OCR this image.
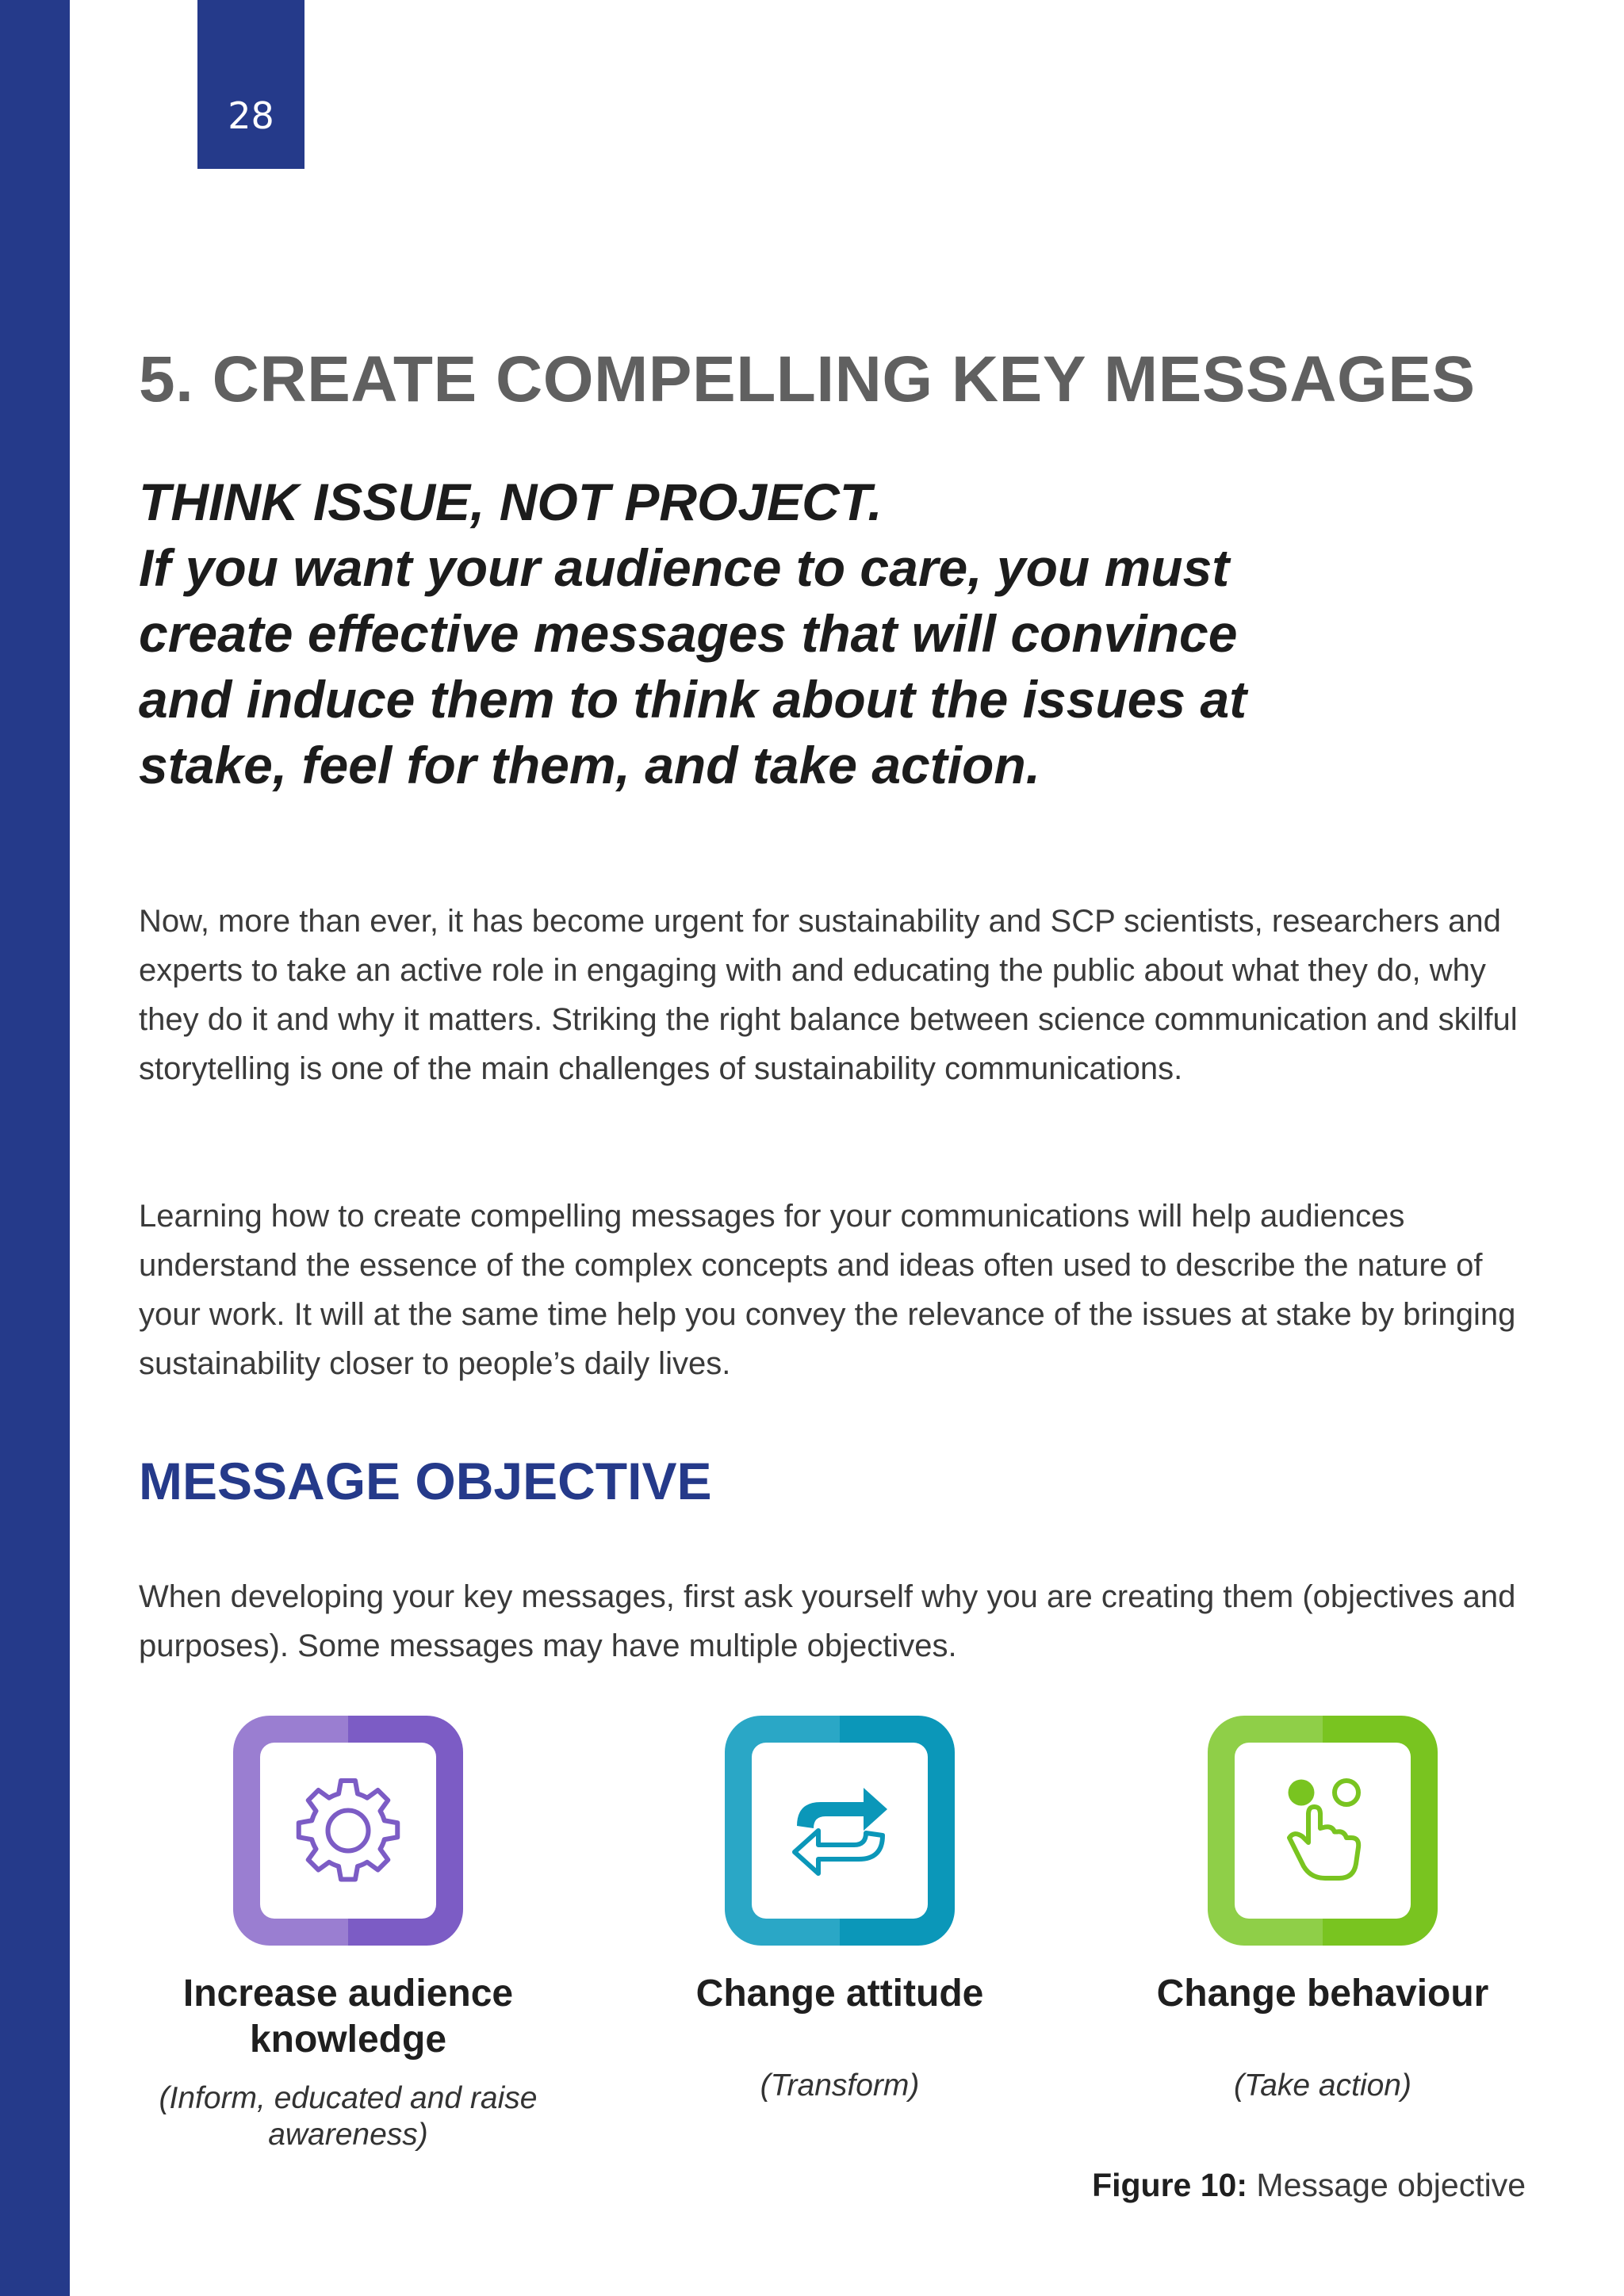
28
5. CREATE COMPELLING KEY MESSAGES
THINK ISSUE, NOT PROJECT.
If you want your audience to care, you must
create effective messages that will convince
and induce them to think about the issues at
stake, feel for them, and take action.

Now, more than ever, it has become urgent for sustainability and SCP scientists, researchers and experts to take an active role in engaging with and educating the public about what they do, why they do it and why it matters. Striking the right balance between science communication and skilful storytelling is one of the main challenges of sustainability communications.

Learning how to create compelling messages for your communications will help audiences understand the essence of the complex concepts and ideas often used to describe the nature of your work. It will at the same time help you convey the relevance of the issues at stake by bringing sustainability closer to people’s daily lives.

MESSAGE OBJECTIVE

When developing your key messages, first ask yourself why you are creating them (objectives and purposes). Some messages may have multiple objectives.

Increase audience knowledge
(Inform, educated and raise awareness)
Change attitude
(Transform)
Change behaviour
(Take action)
Figure 10: Message objective
